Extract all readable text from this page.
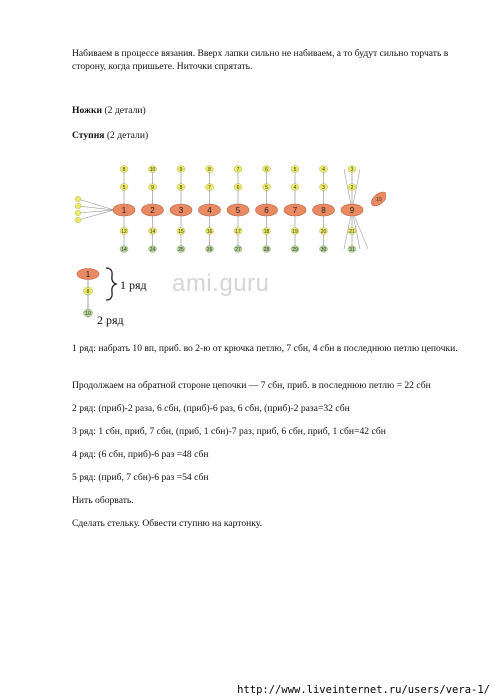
Набиваем в процессе вязания. Вверх лапки сильно не набиваем, а то будут сильно торчать в сторону, когда пришьете. Ниточки спрятать.
Ножки (2 детали)
Ступня (2 детали)
10
8
5
1
12
14
10
9
2
14
24
9
8
3
15
25
8
7
4
16
26
7
6
5
17
27
6
5
6
18
28
5
4
7
19
29
4
3
8
20
30
3
2
9
21
31
1
8
10
1 ряд
2 ряд
ami.guru
1 ряд: набрать 10 вп, приб. во 2-ю от крючка петлю, 7 сбн, 4 сбн в последнюю петлю цепочки.
Продолжаем на обратной стороне цепочки — 7 сбн, приб. в последнюю петлю = 22 сбн
2 ряд: (приб)-2 раза, 6 сбн, (приб)-6 раз, 6 сбн, (приб)-2 раза=32 сбн
3 ряд: 1 сбн, приб, 7 сбн, (приб, 1 сбн)-7 раз, приб, 6 сбн, приб, 1 сбн=42 сбн
4 ряд: (6 сбн, приб)-6 раз =48 сбн
5 ряд: (приб, 7 сбн)-6 раз =54 сбн
Нить оборвать.
Сделать стельку. Обвести ступню на картонку.
http://www.liveinternet.ru/users/vera-1/
